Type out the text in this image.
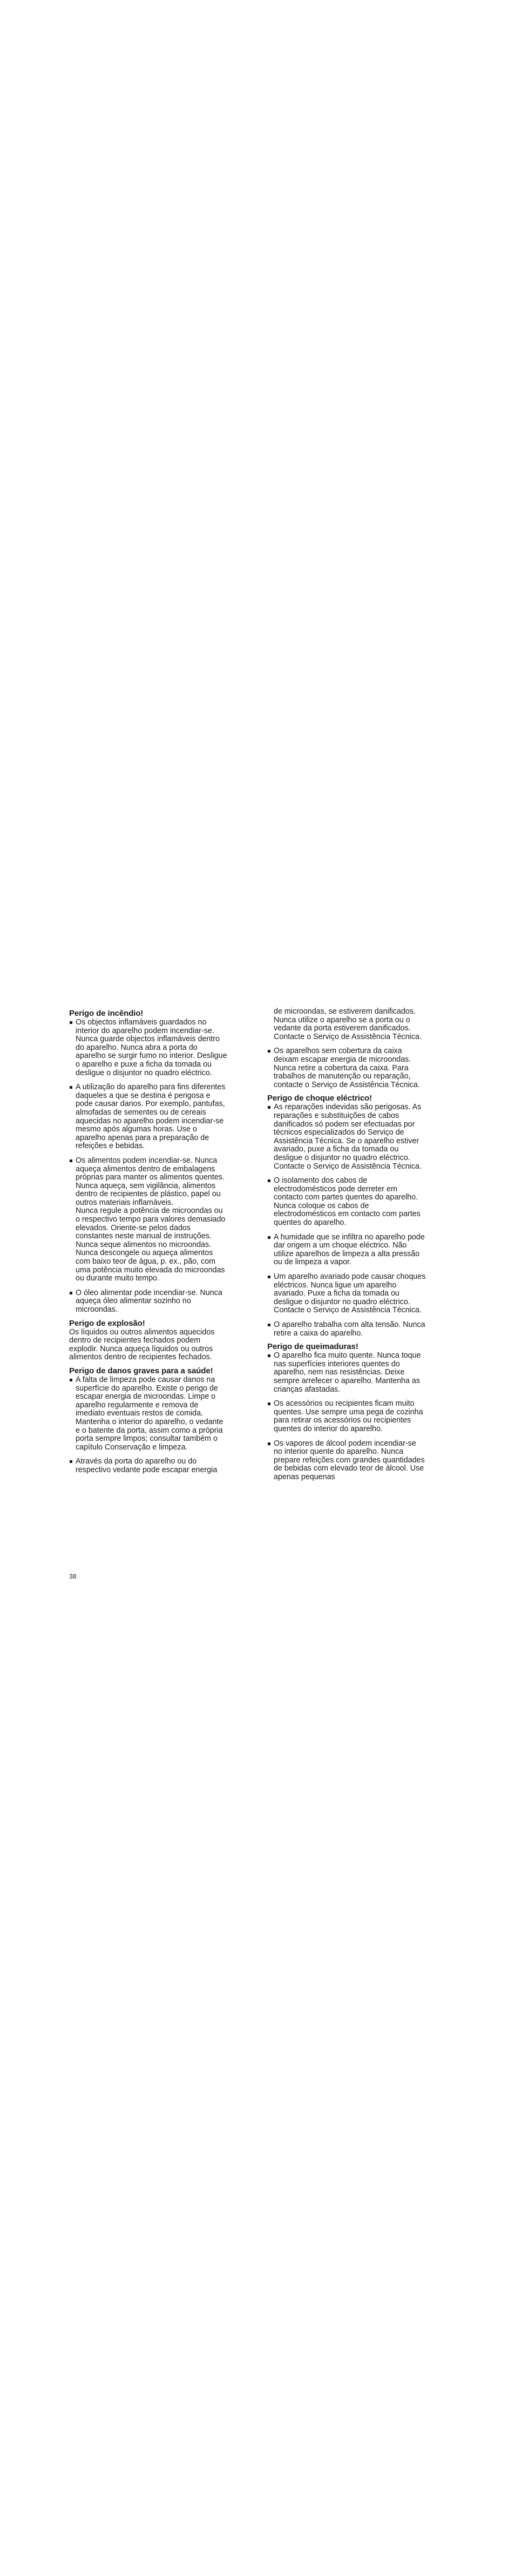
Perigo de incêndio!
Os objectos inflamáveis guardados no interior do aparelho podem incendiar-se. Nunca guarde objectos inflamáveis dentro do aparelho. Nunca abra a porta do aparelho se surgir fumo no interior. Desligue o aparelho e puxe a ficha da tomada ou desligue o disjuntor no quadro eléctrico.
A utilização do aparelho para fins diferentes daqueles a que se destina é perigosa e pode causar danos. Por exemplo, pantufas, almofadas de sementes ou de cereais aquecidas no aparelho podem incendiar-se mesmo após algumas horas. Use o aparelho apenas para a preparação de refeições e bebidas.
Os alimentos podem incendiar-se. Nunca aqueça alimentos dentro de embalagens próprias para manter os alimentos quentes.
Nunca aqueça, sem vigilância, alimentos dentro de recipientes de plástico, papel ou outros materiais inflamáveis.
Nunca regule a potência de microondas ou o respectivo tempo para valores demasiado elevados. Oriente-se pelos dados constantes neste manual de instruções.
Nunca seque alimentos no microondas.
Nunca descongele ou aqueça alimentos com baixo teor de água, p. ex., pão, com uma potência muito elevada do microondas ou durante muito tempo.
O óleo alimentar pode incendiar-se. Nunca aqueça óleo alimentar sozinho no microondas.
Perigo de explosão!

Os líquidos ou outros alimentos aquecidos dentro de recipientes fechados podem explodir. Nunca aqueça líquidos ou outros alimentos dentro de recipientes fechados.

Perigo de danos graves para a saúde!
A falta de limpeza pode causar danos na superfície do aparelho. Existe o perigo de escapar energia de microondas. Limpe o aparelho regularmente e remova de imediato eventuais restos de comida. Mantenha o interior do aparelho, o vedante e o batente da porta, assim como a própria porta sempre limpos; consultar também o capítulo Conservação e limpeza.
Através da porta do aparelho ou do respectivo vedante pode escapar energia
de microondas, se estiverem danificados. Nunca utilize o aparelho se a porta ou o vedante da porta estiverem danificados. Contacte o Serviço de Assistência Técnica.
Os aparelhos sem cobertura da caixa deixam escapar energia de microondas. Nunca retire a cobertura da caixa. Para trabalhos de manutenção ou reparação, contacte o Serviço de Assistência Técnica.
Perigo de choque eléctrico!
As reparações indevidas são perigosas. As reparações e substituições de cabos danificados só podem ser efectuadas por técnicos especializados do Serviço de Assistência Técnica. Se o aparelho estiver avariado, puxe a ficha da tomada ou desligue o disjuntor no quadro eléctrico. Contacte o Serviço de Assistência Técnica.
O isolamento dos cabos de electrodomésticos pode derreter em contacto com partes quentes do aparelho. Nunca coloque os cabos de electrodomésticos em contacto com partes quentes do aparelho.
A humidade que se infiltra no aparelho pode dar origem a um choque eléctrico. Não utilize aparelhos de limpeza a alta pressão ou de limpeza a vapor.
Um aparelho avariado pode causar choques eléctricos. Nunca ligue um aparelho avariado. Puxe a ficha da tomada ou desligue o disjuntor no quadro eléctrico. Contacte o Serviço de Assistência Técnica.
O aparelho trabalha com alta tensão. Nunca retire a caixa do aparelho.
Perigo de queimaduras!
O aparelho fica muito quente. Nunca toque nas superfícies interiores quentes do aparelho, nem nas resistências. Deixe sempre arrefecer o aparelho. Mantenha as crianças afastadas.
Os acessórios ou recipientes ficam muito quentes. Use sempre uma pega de cozinha para retirar os acessórios ou recipientes quentes do interior do aparelho.
Os vapores de álcool podem incendiar-se no interior quente do aparelho. Nunca prepare refeições com grandes quantidades de bebidas com elevado teor de álcool. Use apenas pequenas
38
